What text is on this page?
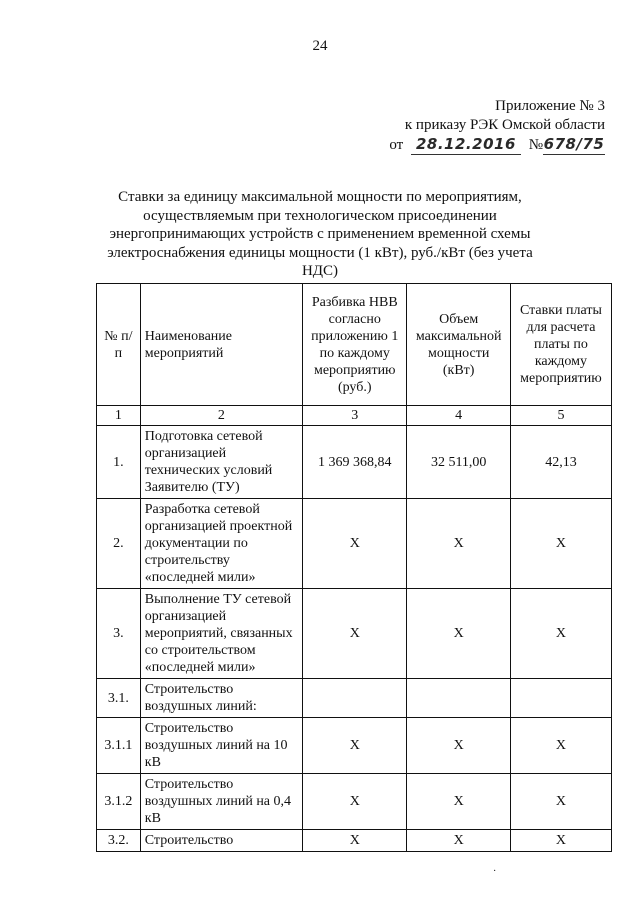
24
Приложение № 3
к приказу РЭК Омской области
от 28.12.2016 №678/75
Ставки за единицу максимальной мощности по мероприятиям, осуществляемым при технологическом присоединении энергопринимающих устройств с применением временной схемы электроснабжения единицы мощности (1 кВт), руб./кВт (без учета НДС)
№ п/п	Наименование мероприятий	Разбивка НВВ согласно приложению 1 по каждому мероприятию (руб.)	Объем максимальной мощности (кВт)	Ставки платы для расчета платы по каждому мероприятию
1	2	3	4	5
1.	Подготовка сетевой организацией технических условий Заявителю (ТУ)	1 369 368,84	32 511,00	42,13
2.	Разработка сетевой организацией проектной документации по строительству «последней мили»	Х	Х	Х
3.	Выполнение ТУ сетевой организацией мероприятий, связанных со строительством «последней мили»	Х	Х	Х
3.1.	Строительство воздушных линий:			
3.1.1	Строительство воздушных линий на 10 кВ	Х	Х	Х
3.1.2	Строительство воздушных линий на 0,4 кВ	Х	Х	Х
3.2.	Строительство	Х	Х	Х
·
